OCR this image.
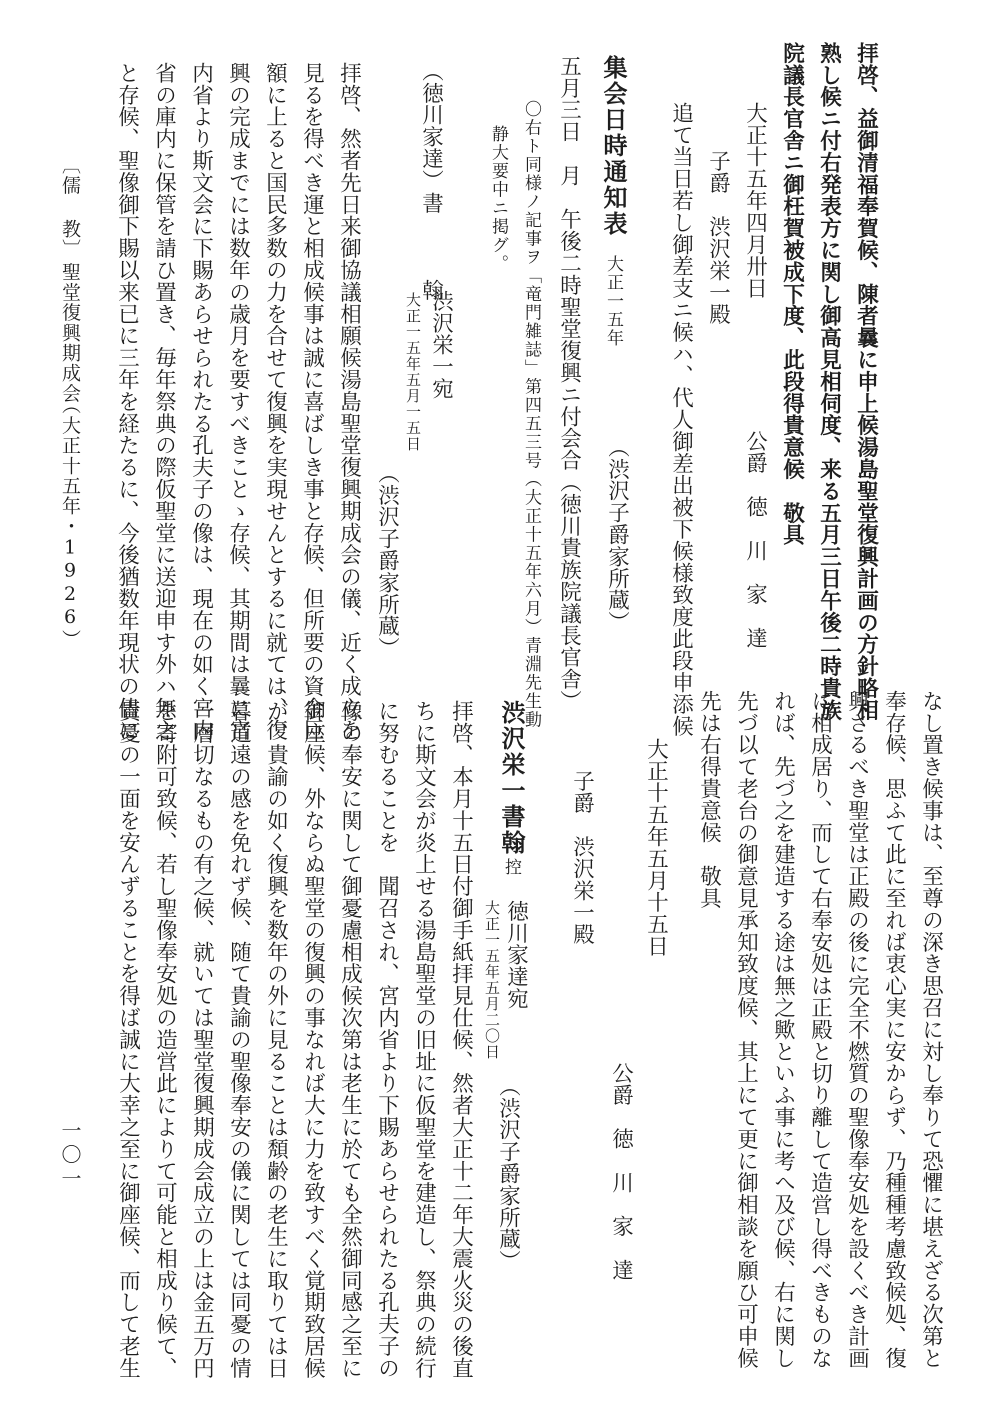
拝啓、益御清福奉賀候、陳者曩に申上候湯島聖堂復興計画の方針略相
熟し候ニ付右発表方に関し御高見相伺度、来る五月三日午後二時貴族
院議長官舎ニ御枉賀被成下度、此段得貴意候　敬具
大正十五年四月卅日
公爵　徳　川　家　達
子爵　渋沢栄一殿
追て当日若し御差支ニ候ハ、代人御差出被下候様致度此段申添候
（渋沢子爵家所蔵）
集会日時通知表
大正一五年
五月三日　月　午後二時聖堂復興ニ付会合（徳川貴族院議長官舎）
〇右ト同様ノ記事ヲ「竜門雑誌」第四五三号（大正十五年六月）青淵先生動
静大要中ニ掲グ。
（徳川家達）
書　翰
渋沢栄一宛
大正一五年五月一五日
（渋沢子爵家所蔵）
拝啓、然者先日来御協議相願候湯島聖堂復興期成会の儀、近く成立を
見るを得べき運と相成候事は誠に喜ばしき事と存候、但所要の資金巨
額に上ると国民多数の力を合せて復興を実現せんとするに就ては、復
興の完成までには数年の歳月を要すべきことゝ存候、其期間は曩に宮
内省より斯文会に下賜あらせられたる孔夫子の像は、現在の如く宮内
省の庫内に保管を請ひ置き、毎年祭典の際仮聖堂に送迎申す外ハ無之
と存候、聖像御下賜以来已に三年を経たるに、今後猶数年現状の儘に
〔儒 教〕
聖堂復興期成会
（大正十五年・1926）
なし置き候事は、至尊の深き思召に対し奉りて恐懼に堪えざる次第と
奉存候、思ふて此に至れば衷心実に安からず、乃種種考慮致候処、復
興さるべき聖堂は正殿の後に完全不燃質の聖像奉安処を設くべき計画
に相成居り、而して右奉安処は正殿と切り離して造営し得べきものな
れば、先づ之を建造する途は無之歟といふ事に考へ及び候、右に関し
先づ以て老台の御意見承知致度候、其上にて更に御相談を願ひ可申候
先は右得貴意候　敬具
大正十五年五月十五日
公爵　徳　川　家　達
子爵　渋沢栄一殿
渋沢栄一書翰
控
徳川家達宛
大正一五年五月二〇日
（渋沢子爵家所蔵）
拝啓、本月十五日付御手紙拝見仕候、然者大正十二年大震火災の後直
ちに斯文会が炎上せる湯島聖堂の旧址に仮聖堂を建造し、祭典の続行
に努むることを　聞召され、宮内省より下賜あらせられたる孔夫子の
像の奉安に関して御憂慮相成候次第は老生に於ても全然御同感之至に
御座候、外ならぬ聖堂の復興の事なれば大に力を致すべく覚期致居候
が、貴諭の如く復興を数年の外に見ることは頽齢の老生に取りては日
暮道遠の感を免れず候、随て貴諭の聖像奉安の儀に関しては同憂の情
一層切なるもの有之候、就いては聖堂復興期成会成立の上は金五万円
を寄附可致候、若し聖像奉安処の造営此によりて可能と相成り候て、
貴憂の一面を安んずることを得ば誠に大幸之至に御座候、而して老生
一〇一
